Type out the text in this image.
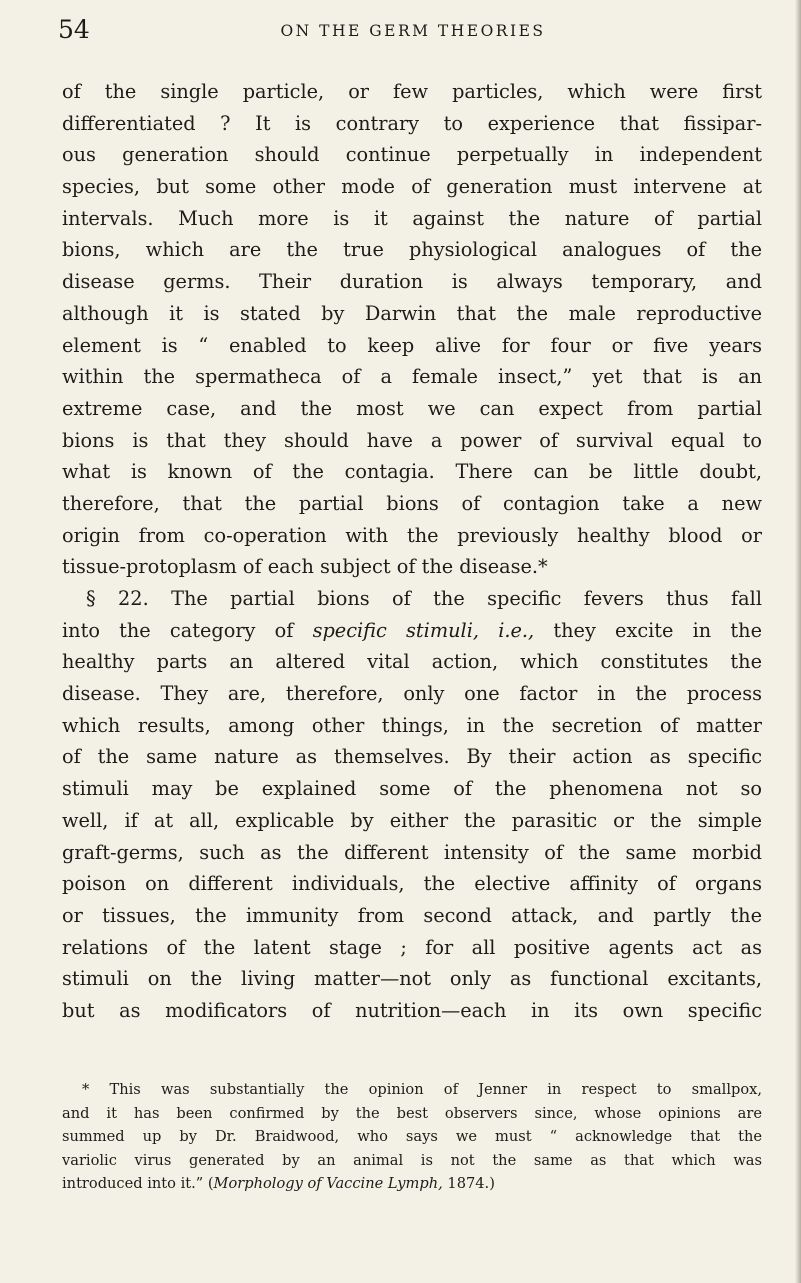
54	ON THE GERM THEORIES
of the single particle, or few particles, which were first
differentiated ? It is contrary to experience that fissipar-
ous generation should continue perpetually in independent
species, but some other mode of generation must intervene at
intervals. Much more is it against the nature of partial
bions, which are the true physiological analogues of the
disease germs. Their duration is always temporary, and
although it is stated by Darwin that the male reproductive
element is “ enabled to keep alive for four or five years
within the spermatheca of a female insect,” yet that is an
extreme case, and the most we can expect from partial
bions is that they should have a power of survival equal to
what is known of the contagia. There can be little doubt,
therefore, that the partial bions of contagion take a new
origin from co-operation with the previously healthy blood or
tissue-protoplasm of each subject of the disease.*
§ 22. The partial bions of the specific fevers thus fall
into the category of specific stimuli, i.e., they excite in the
healthy parts an altered vital action, which constitutes the
disease. They are, therefore, only one factor in the process
which results, among other things, in the secretion of matter
of the same nature as themselves. By their action as specific
stimuli may be explained some of the phenomena not so
well, if at all, explicable by either the parasitic or the simple
graft-germs, such as the different intensity of the same morbid
poison on different individuals, the elective affinity of organs
or tissues, the immunity from second attack, and partly the
relations of the latent stage ; for all positive agents act as
stimuli on the living matter—not only as functional excitants,
but as modificators of nutrition—each in its own specific
* This was substantially the opinion of Jenner in respect to smallpox,
and it has been confirmed by the best observers since, whose opinions are
summed up by Dr. Braidwood, who says we must “ acknowledge that the
variolic virus generated by an animal is not the same as that which was
introduced into it.” (Morphology of Vaccine Lymph, 1874.)
